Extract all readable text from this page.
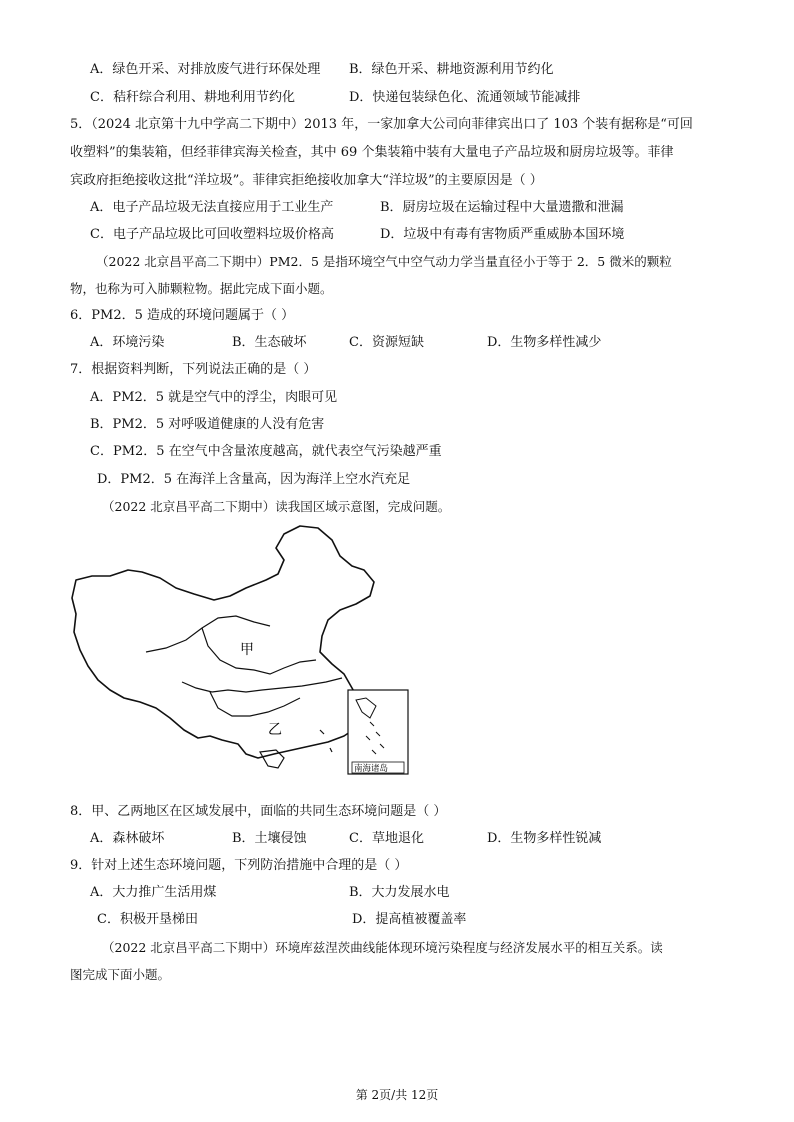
A．绿色开采、对排放废气进行环保处理 B．绿色开采、耕地资源利用节约化
C．秸秆综合利用、耕地利用节约化	D．快递包装绿色化、流通领域节能减排
5．（2024 北京第十九中学高二下期中）2013 年，一家加拿大公司向菲律宾出口了 103 个装有据称是“可回
收塑料”的集装箱，但经菲律宾海关检查，其中 69 个集装箱中装有大量电子产品垃圾和厨房垃圾等。菲律
宾政府拒绝接收这批“洋垃圾”。菲律宾拒绝接收加拿大“洋垃圾”的主要原因是（ ）
A．电子产品垃圾无法直接应用于工业生产	B．厨房垃圾在运输过程中大量遗撒和泄漏
C．电子产品垃圾比可回收塑料垃圾价格高	D．垃圾中有毒有害物质严重威胁本国环境
（2022 北京昌平高二下期中）PM2．5 是指环境空气中空气动力学当量直径小于等于 2．5 微米的颗粒
物，也称为可入肺颗粒物。据此完成下面小题。
6．PM2．5 造成的环境问题属于（ ）
A．环境污染	B．生态破坏	C．资源短缺	D．生物多样性减少
7．根据资料判断，下列说法正确的是（ ）
A．PM2．5 就是空气中的浮尘，肉眼可见
B．PM2．5 对呼吸道健康的人没有危害
C．PM2．5 在空气中含量浓度越高，就代表空气污染越严重
D．PM2．5 在海洋上含量高，因为海洋上空水汽充足
（2022 北京昌平高二下期中）读我国区域示意图，完成问题。
甲
乙
南海诸岛
8．甲、乙两地区在区域发展中，面临的共同生态环境问题是（ ）
A．森林破坏	B．土壤侵蚀	C．草地退化	D．生物多样性锐减
9．针对上述生态环境问题，下列防治措施中合理的是（ ）
A．大力推广生活用煤	B．大力发展水电
C．积极开垦梯田	D．提高植被覆盖率
（2022 北京昌平高二下期中）环境库兹涅茨曲线能体现环境污染程度与经济发展水平的相互关系。读
图完成下面小题。
第 2页/共 12页
